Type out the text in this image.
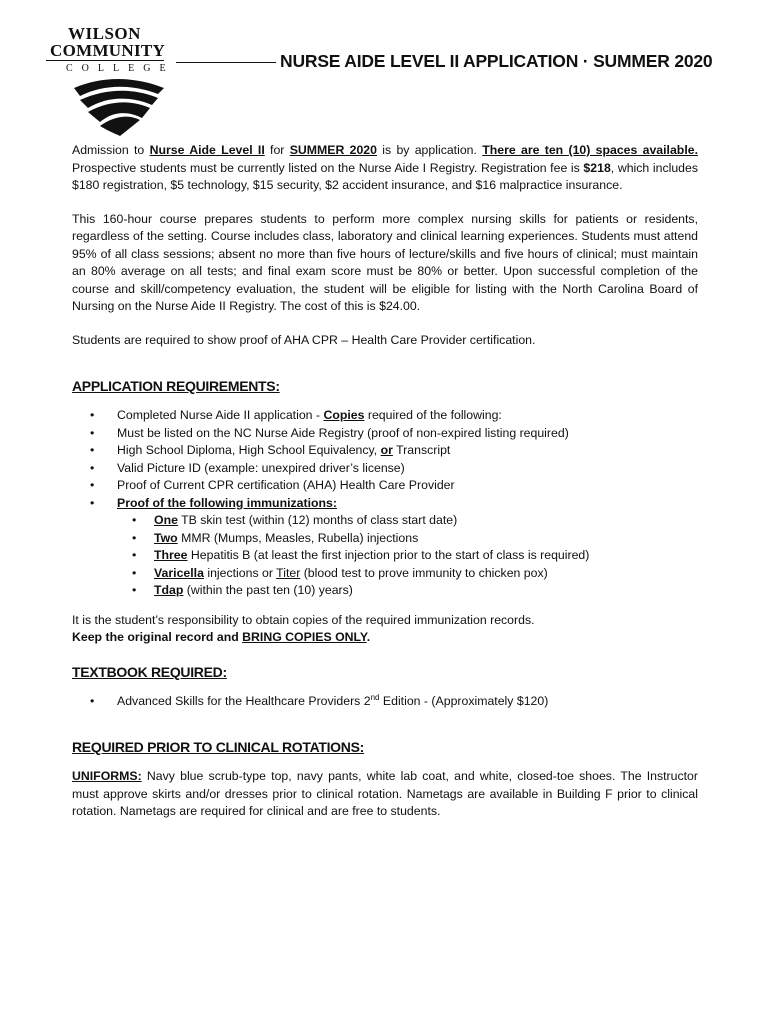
WILSON
COMMUNITY
COLLEGE	NURSE AIDE LEVEL II APPLICATION · SUMMER 2020

Admission to Nurse Aide Level II for SUMMER 2020 is by application. There are ten (10) spaces available. Prospective students must be currently listed on the Nurse Aide I Registry. Registration fee is $218, which includes $180 registration, $5 technology, $15 security, $2 accident insurance, and $16 malpractice insurance.

This 160-hour course prepares students to perform more complex nursing skills for patients or residents, regardless of the setting. Course includes class, laboratory and clinical learning experiences. Students must attend 95% of all class sessions; absent no more than five hours of lecture/skills and five hours of clinical; must maintain an 80% average on all tests; and final exam score must be 80% or better. Upon successful completion of the course and skill/competency evaluation, the student will be eligible for listing with the North Carolina Board of Nursing on the Nurse Aide II Registry. The cost of this is $24.00.

Students are required to show proof of AHA CPR – Health Care Provider certification.

APPLICATION REQUIREMENTS:
• Completed Nurse Aide II application - Copies required of the following:
• Must be listed on the NC Nurse Aide Registry (proof of non-expired listing required)
• High School Diploma, High School Equivalency, or Transcript
• Valid Picture ID (example: unexpired driver’s license)
• Proof of Current CPR certification (AHA) Health Care Provider
• Proof of the following immunizations:
• One TB skin test (within (12) months of class start date)
• Two MMR (Mumps, Measles, Rubella) injections
• Three Hepatitis B (at least the first injection prior to the start of class is required)
• Varicella injections or Titer (blood test to prove immunity to chicken pox)
• Tdap (within the past ten (10) years)

It is the student’s responsibility to obtain copies of the required immunization records.

Keep the original record and BRING COPIES ONLY.

TEXTBOOK REQUIRED:
• Advanced Skills for the Healthcare Providers 2nd Edition - (Approximately $120)
REQUIRED PRIOR TO CLINICAL ROTATIONS:

UNIFORMS: Navy blue scrub-type top, navy pants, white lab coat, and white, closed-toe shoes. The Instructor must approve skirts and/or dresses prior to clinical rotation. Nametags are available in Building F prior to clinical rotation. Nametags are required for clinical and are free to students.
